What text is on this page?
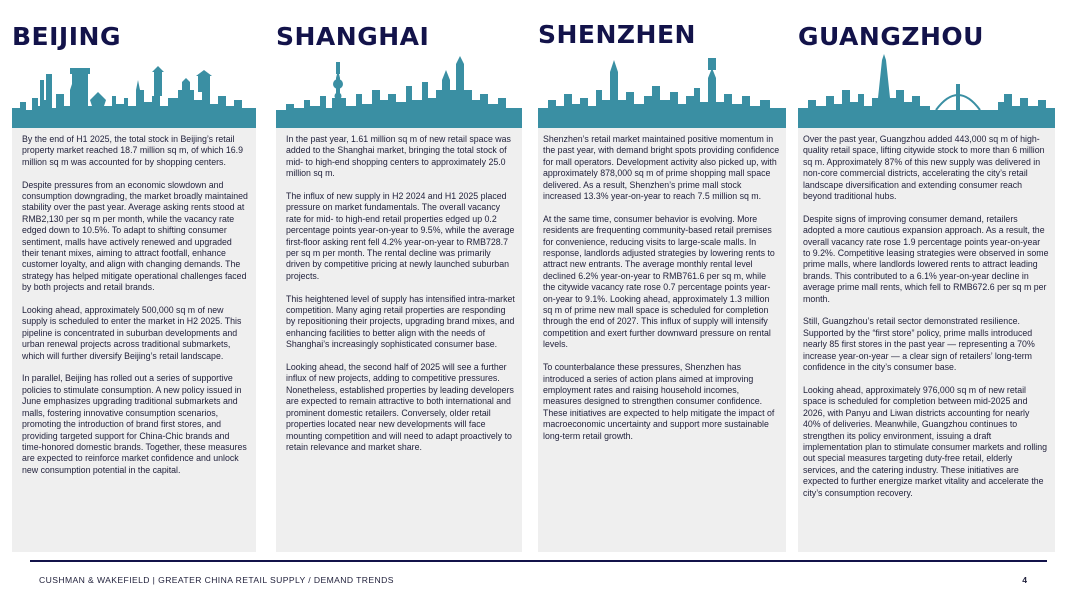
BEIJING

By the end of H1 2025, the total stock in Beijing’s retail property market reached 18.7 million sq m, of which 16.9 million sq m was accounted for by shopping centers.

Despite pressures from an economic slowdown and consumption downgrading, the market broadly maintained stability over the past year. Average asking rents stood at RMB2,130 per sq m per month, while the vacancy rate edged down to 10.5%. To adapt to shifting consumer sentiment, malls have actively renewed and upgraded their tenant mixes, aiming to attract footfall, enhance customer loyalty, and align with changing demands. The strategy has helped mitigate operational challenges faced by both projects and retail brands.

Looking ahead, approximately 500,000 sq m of new supply is scheduled to enter the market in H2 2025. This pipeline is concentrated in suburban developments and urban renewal projects across traditional submarkets, which will further diversify Beijing’s retail landscape.

In parallel, Beijing has rolled out a series of supportive policies to stimulate consumption. A new policy issued in June emphasizes upgrading traditional submarkets and malls, fostering innovative consumption scenarios, promoting the introduction of brand first stores, and providing targeted support for China-Chic brands and time-honored domestic brands. Together, these measures are expected to reinforce market confidence and unlock new consumption potential in the capital.

SHANGHAI

In the past year, 1.61 million sq m of new retail space was added to the Shanghai market, bringing the total stock of mid- to high-end shopping centers to approximately 25.0 million sq m.

The influx of new supply in H2 2024 and H1 2025 placed pressure on market fundamentals. The overall vacancy rate for mid- to high-end retail properties edged up 0.2 percentage points year-on-year to 9.5%, while the average first-floor asking rent fell 4.2% year-on-year to RMB728.7 per sq m per month. The rental decline was primarily driven by competitive pricing at newly launched suburban projects.

This heightened level of supply has intensified intra-market competition. Many aging retail properties are responding by repositioning their projects, upgrading brand mixes, and enhancing facilities to better align with the needs of Shanghai’s increasingly sophisticated consumer base.

Looking ahead, the second half of 2025 will see a further influx of new projects, adding to competitive pressures. Nonetheless, established properties by leading developers are expected to remain attractive to both international and prominent domestic retailers. Conversely, older retail properties located near new developments will face mounting competition and will need to adapt proactively to retain relevance and market share.

SHENZHEN

Shenzhen’s retail market maintained positive momentum in the past year, with demand bright spots providing confidence for mall operators. Development activity also picked up, with approximately 878,000 sq m of prime shopping mall space delivered. As a result, Shenzhen’s prime mall stock increased 13.3% year-on-year to reach 7.5 million sq m.

At the same time, consumer behavior is evolving. More residents are frequenting community-based retail premises for convenience, reducing visits to large-scale malls. In response, landlords adjusted strategies by lowering rents to attract new entrants. The average monthly rental level declined 6.2% year-on-year to RMB761.6 per sq m, while the citywide vacancy rate rose 0.7 percentage points year-on-year to 9.1%. Looking ahead, approximately 1.3 million sq m of prime new mall space is scheduled for completion through the end of 2027. This influx of supply will intensify competition and exert further downward pressure on rental levels.

To counterbalance these pressures, Shenzhen has introduced a series of action plans aimed at improving employment rates and raising household incomes, measures designed to strengthen consumer confidence. These initiatives are expected to help mitigate the impact of macroeconomic uncertainty and support more sustainable long-term retail growth.

GUANGZHOU

Over the past year, Guangzhou added 443,000 sq m of high-quality retail space, lifting citywide stock to more than 6 million sq m. Approximately 87% of this new supply was delivered in non-core commercial districts, accelerating the city’s retail landscape diversification and extending consumer reach beyond traditional hubs.

Despite signs of improving consumer demand, retailers adopted a more cautious expansion approach. As a result, the overall vacancy rate rose 1.9 percentage points year-on-year to 9.2%. Competitive leasing strategies were observed in some prime malls, where landlords lowered rents to attract leading brands. This contributed to a 6.1% year-on-year decline in average prime mall rents, which fell to RMB672.6 per sq m per month.

Still, Guangzhou’s retail sector demonstrated resilience. Supported by the “first store” policy, prime malls introduced nearly 85 first stores in the past year — representing a 70% increase year-on-year — a clear sign of retailers’ long-term confidence in the city’s consumer base.

Looking ahead, approximately 976,000 sq m of new retail space is scheduled for completion between mid-2025 and 2026, with Panyu and Liwan districts accounting for nearly 40% of deliveries. Meanwhile, Guangzhou continues to strengthen its policy environment, issuing a draft implementation plan to stimulate consumer markets and rolling out special measures targeting duty-free retail, elderly services, and the catering industry. These initiatives are expected to further energize market vitality and accelerate the city’s consumption recovery.

CUSHMAN & WAKEFIELD | GREATER CHINA RETAIL SUPPLY / DEMAND TRENDS	4
